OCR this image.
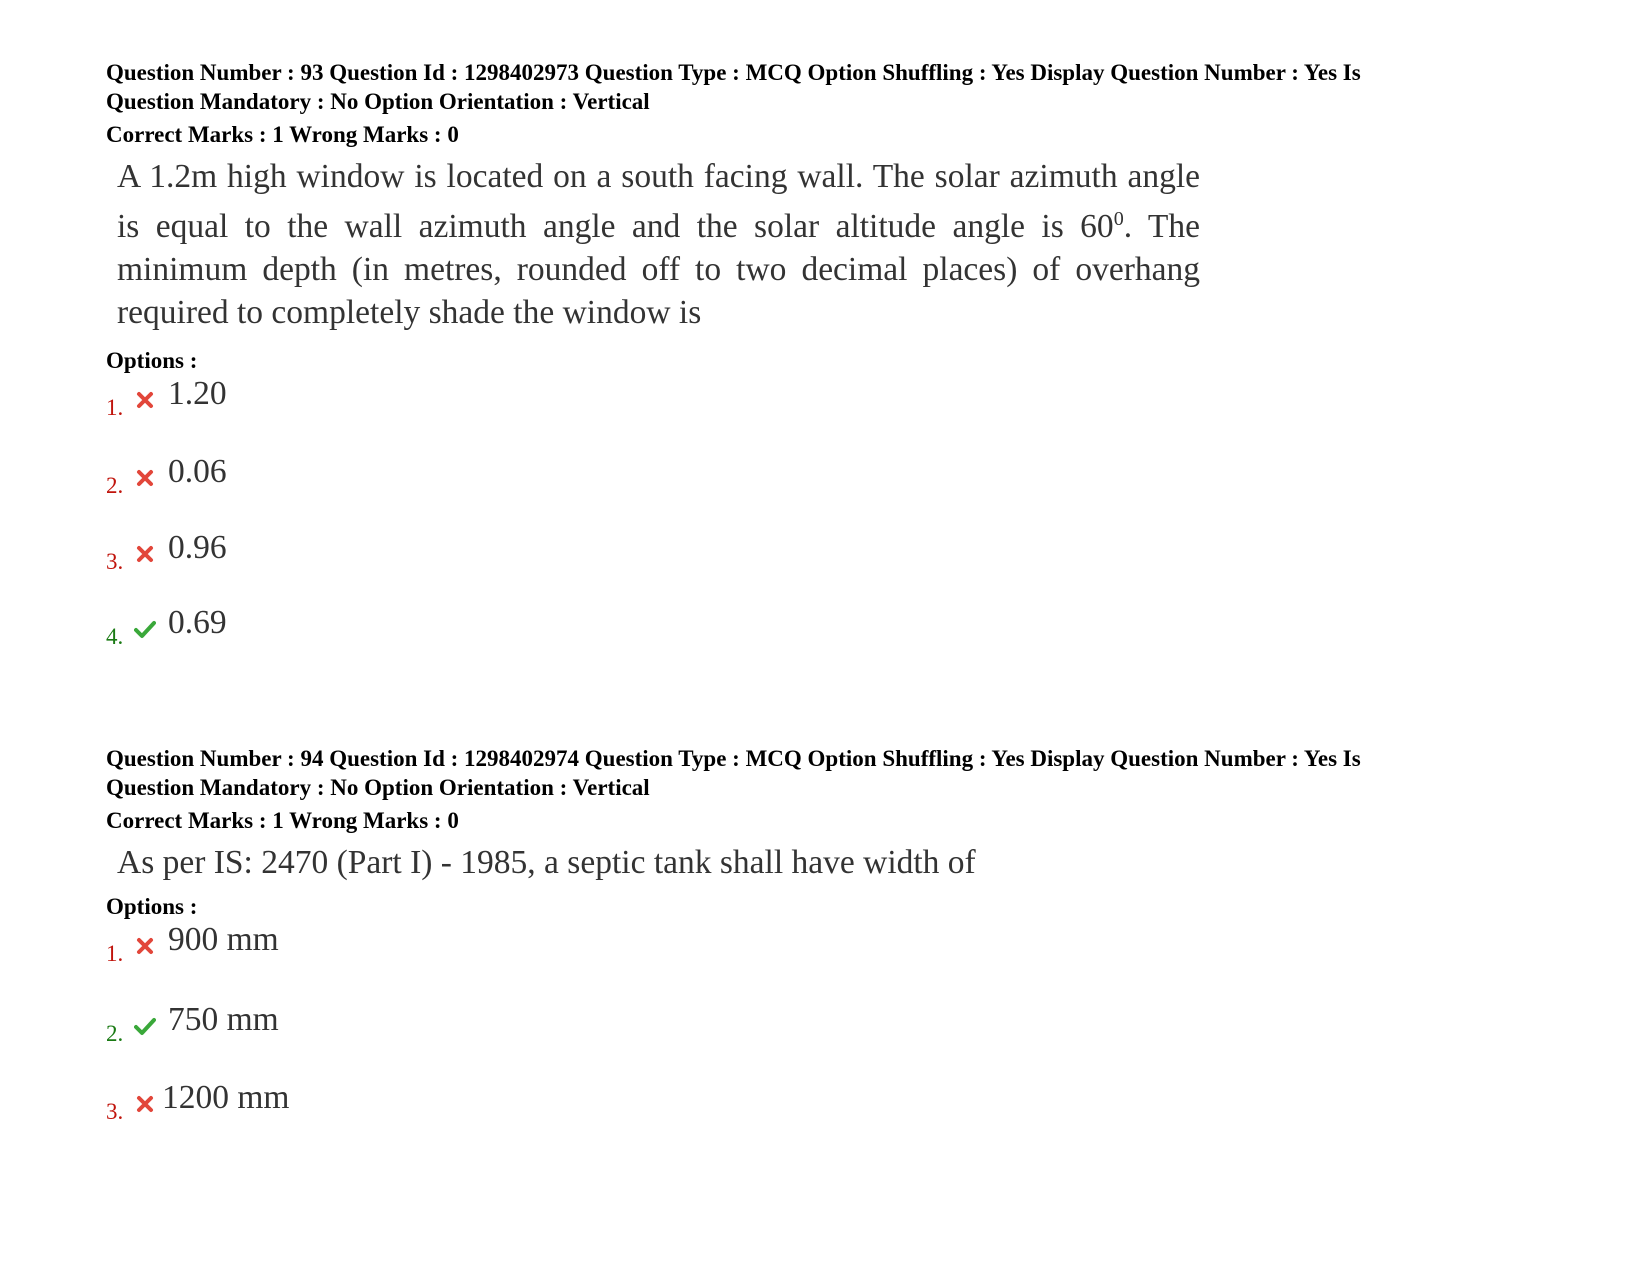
Question Number : 93 Question Id : 1298402973 Question Type : MCQ Option Shuffling : Yes Display Question Number : Yes Is
Question Mandatory : No Option Orientation : Vertical
Correct Marks : 1 Wrong Marks : 0
A 1.2m high window is located on a south facing wall. The solar azimuth angle is equal to the wall azimuth angle and the solar altitude angle is $60^0$. The minimum depth (in metres, rounded off to two decimal places) of overhang required to completely shade the window is
Options :
1. 1.20
2. 0.06
3. 0.96
4. 0.69
Question Number : 94 Question Id : 1298402974 Question Type : MCQ Option Shuffling : Yes Display Question Number : Yes Is
Question Mandatory : No Option Orientation : Vertical
Correct Marks : 1 Wrong Marks : 0
As per IS: 2470 (Part I) - 1985, a septic tank shall have width of
Options :
1. 900 mm
2. 750 mm
3. 1200 mm
